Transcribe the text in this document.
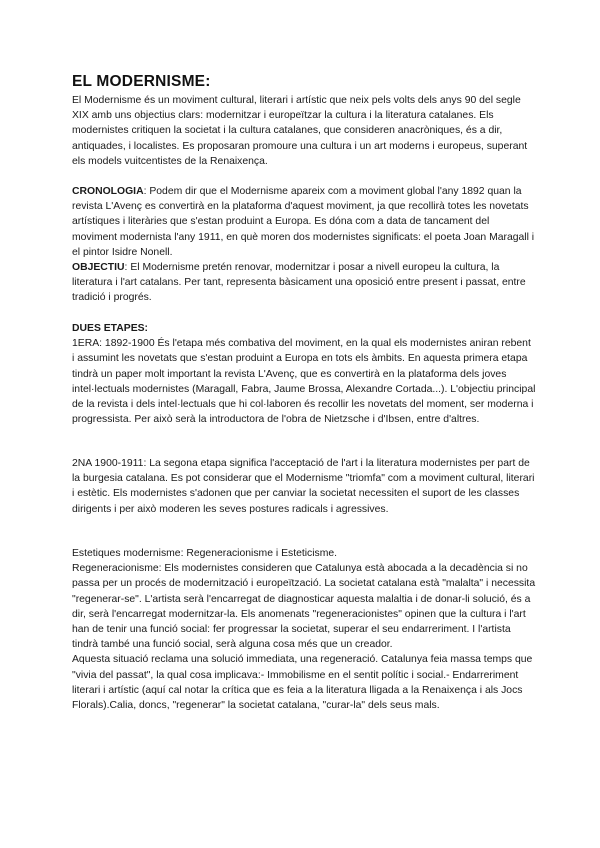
EL MODERNISME:

El Modernisme és un moviment cultural, literari i artístic que neix pels volts dels anys 90 del segle XIX amb uns objectius clars: modernitzar i europeïtzar la cultura i la literatura catalanes. Els modernistes critiquen la societat i la cultura catalanes, que consideren anacròniques, és a dir, antiquades, i localistes. Es proposaran promoure una cultura i un art moderns i europeus, superant els models vuitcentistes de la Renaixença.

CRONOLOGIA: Podem dir que el Modernisme apareix com a moviment global l'any 1892 quan la revista L'Avenç es convertirà en la plataforma d'aquest moviment, ja que recollirà totes les novetats artístiques i literàries que s'estan produint a Europa. Es dóna com a data de tancament del moviment modernista l'any 1911, en què moren dos modernistes significats: el poeta Joan Maragall i el pintor Isidre Nonell.

OBJECTIU: El Modernisme pretén renovar, modernitzar i posar a nivell europeu la cultura, la literatura i l'art catalans. Per tant, representa bàsicament una oposició entre present i passat, entre tradició i progrés.

DUES ETAPES:

1ERA: 1892-1900 És l'etapa més combativa del moviment, en la qual els modernistes aniran rebent i assumint les novetats que s'estan produint a Europa en tots els àmbits. En aquesta primera etapa tindrà un paper molt important la revista L'Avenç, que es convertirà en la plataforma dels joves intel·lectuals modernistes (Maragall, Fabra, Jaume Brossa, Alexandre Cortada...). L'objectiu principal de la revista i dels intel·lectuals que hi col·laboren és recollir les novetats del moment, ser moderna i progressista. Per això serà la introductora de l'obra de Nietzsche i d'Ibsen, entre d'altres.

2NA 1900-1911: La segona etapa significa l'acceptació de l'art i la literatura modernistes per part de la burgesia catalana. Es pot considerar que el Modernisme "triomfa" com a moviment cultural, literari i estètic. Els modernistes s'adonen que per canviar la societat necessiten el suport de les classes dirigents i per això moderen les seves postures radicals i agressives.

Estetiques modernisme: Regeneracionisme i Esteticisme.

Regeneracionisme: Els modernistes consideren que Catalunya està abocada a la decadència si no passa per un procés de modernització i europeïtzació. La societat catalana està "malalta" i necessita "regenerar-se". L'artista serà l'encarregat de diagnosticar aquesta malaltia i de donar-li solució, és a dir, serà l'encarregat modernitzar-la. Els anomenats "regeneracionistes" opinen que la cultura i l'art han de tenir una funció social: fer progressar la societat, superar el seu endarreriment. I l'artista tindrà també una funció social, serà alguna cosa més que un creador.

Aquesta situació reclama una solució immediata, una regeneració. Catalunya feia massa temps que "vivia del passat", la qual cosa implicava:- Immobilisme en el sentit polític i social.- Endarreriment literari i artístic (aquí cal notar la crítica que es feia a la literatura lligada a la Renaixença i als Jocs Florals).Calia, doncs, "regenerar" la societat catalana, "curar-la" dels seus mals.
